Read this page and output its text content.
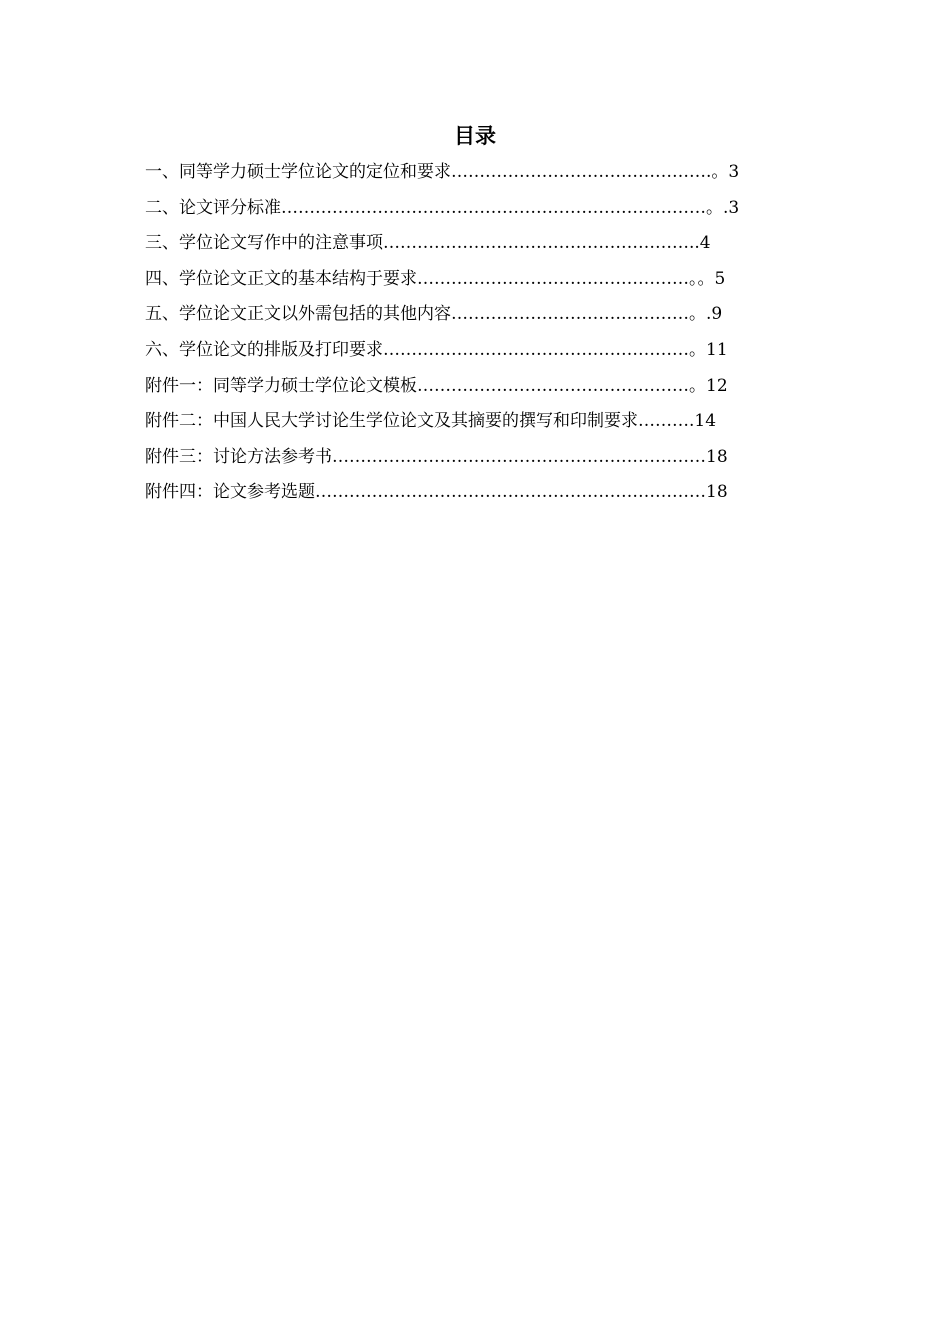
目录
一、同等学力硕士学位论文的定位和要求……………………………………….。3
二、论文评分标准…………………………………………………………………。.3
三、学位论文写作中的注意事项………………………………………………..4
四、学位论文正文的基本结构于要求…………………………………………。。5
五、学位论文正文以外需包括的其他内容……………………………………。.9
六、学位论文的排版及打印要求………………………………………………。11
附件一：同等学力硕士学位论文模板…………………………………………。12
附件二：中国人民大学讨论生学位论文及其摘要的撰写和印制要求……….14
附件三：讨论方法参考书…………………………………………………………18
附件四：论文参考选题……………………………………………………………18
